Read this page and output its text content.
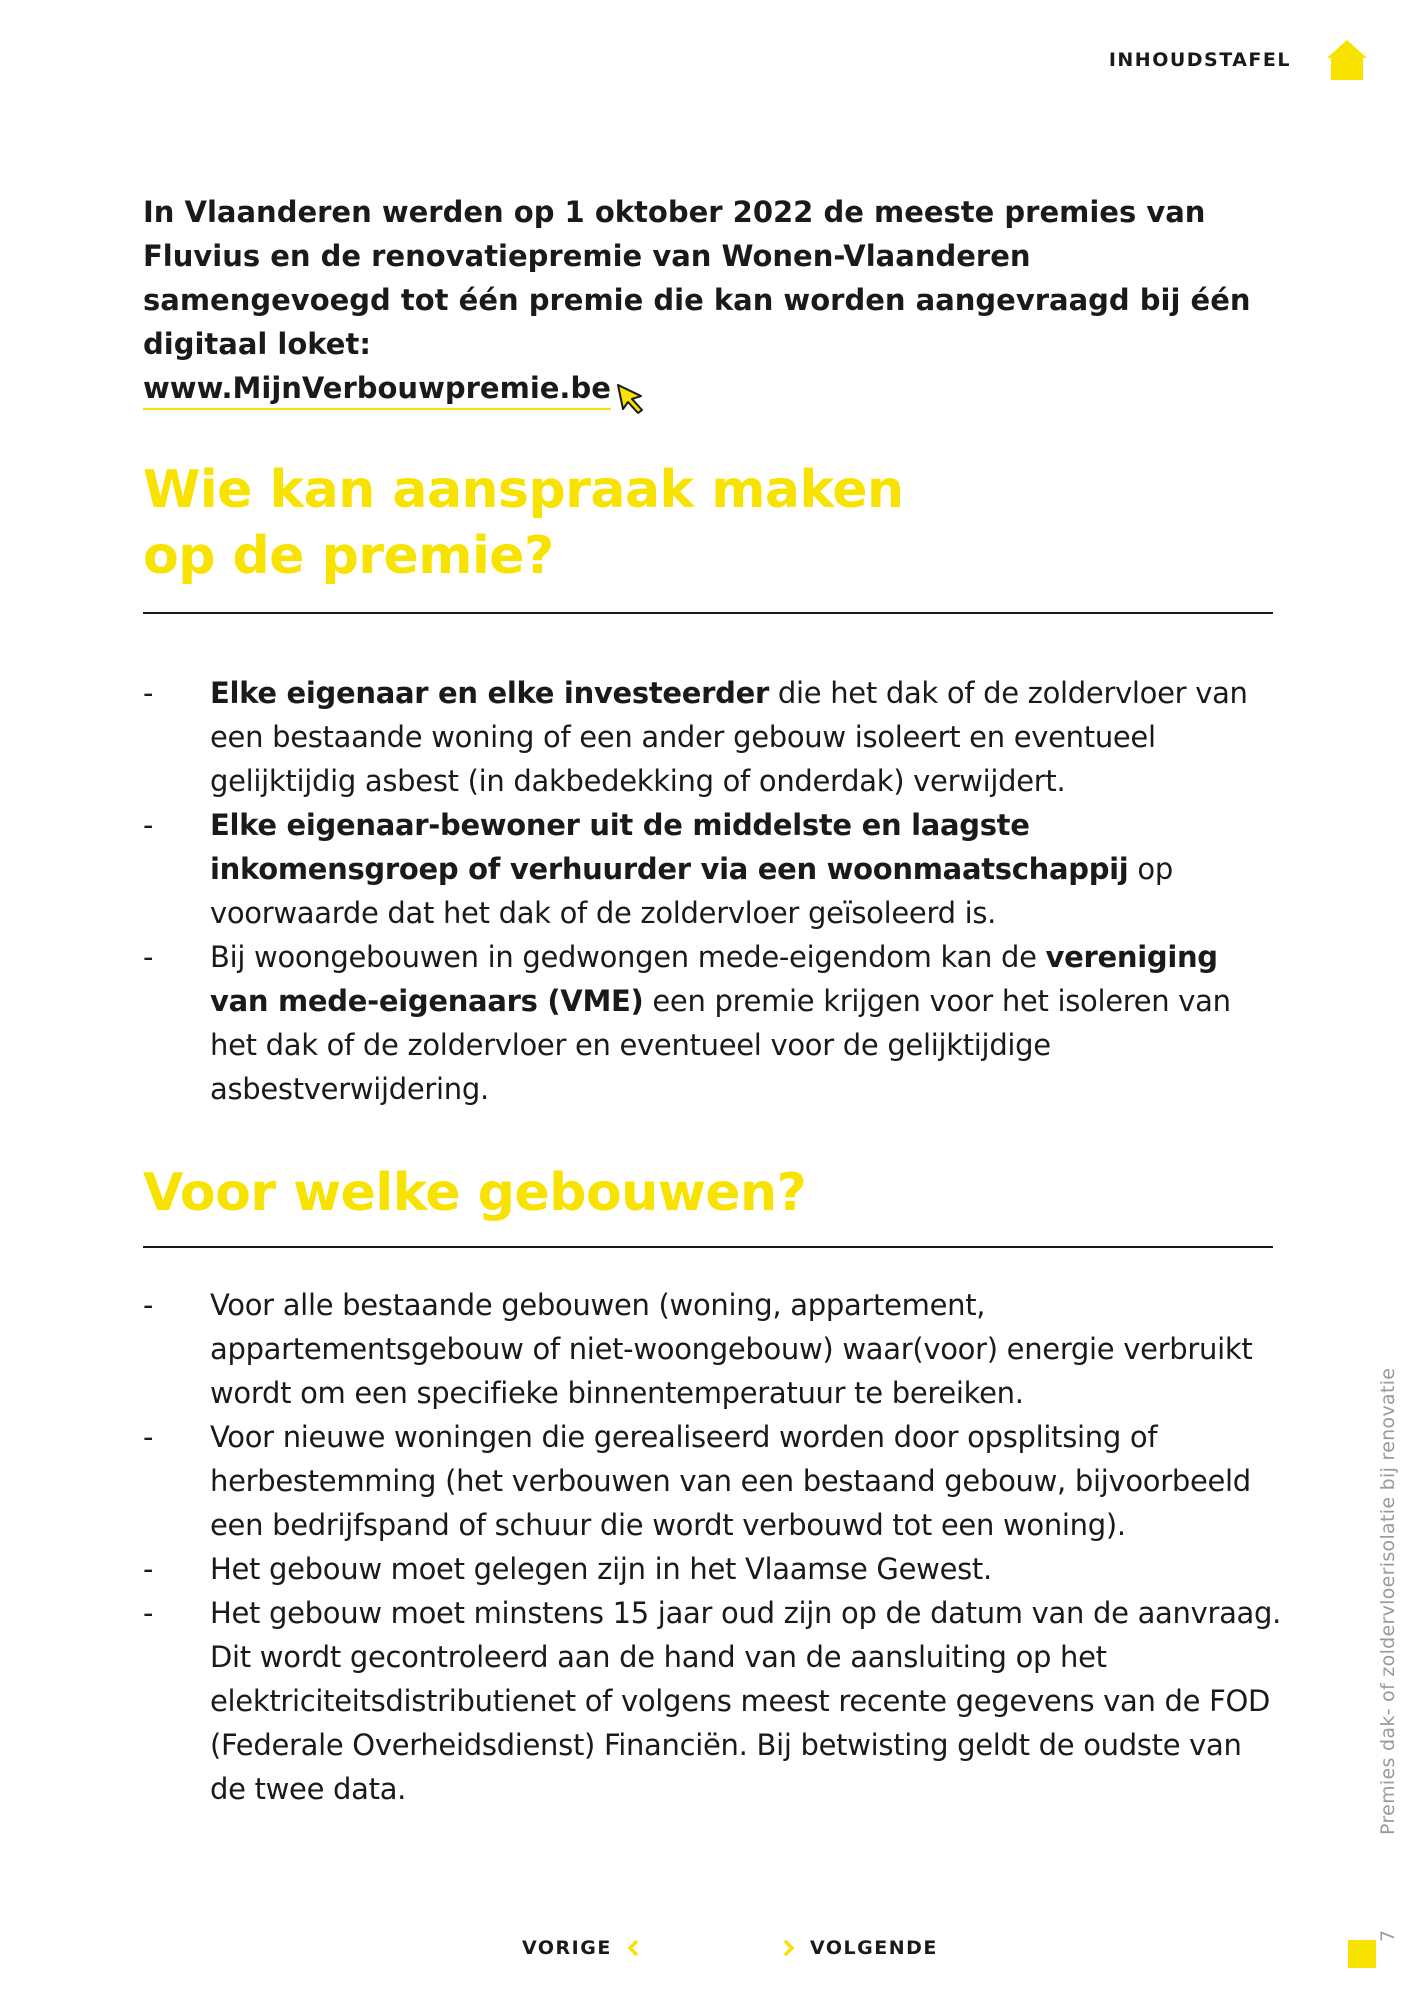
INHOUDSTAFEL
In Vlaanderen werden op 1 oktober 2022 de meeste premies van Fluvius en de renovatiepremie van Wonen-Vlaanderen samengevoegd tot één premie die kan worden aangevraagd bij één digitaal loket:

www.MijnVerbouwpremie.be
Wie kan aanspraak maken
op de premie?
- Elke eigenaar en elke investeerder die het dak of de zoldervloer van een bestaande woning of een ander gebouw isoleert en eventueel gelijktijdig asbest (in dakbedekking of onderdak) verwijdert.
- Elke eigenaar-bewoner uit de middelste en laagste inkomensgroep of verhuurder via een woonmaatschappij op voorwaarde dat het dak of de zoldervloer geïsoleerd is.
- Bij woongebouwen in gedwongen mede-eigendom kan de vereniging van mede-eigenaars (VME) een premie krijgen voor het isoleren van het dak of de zoldervloer en eventueel voor de gelijktijdige asbestverwijdering.
Voor welke gebouwen?
- Voor alle bestaande gebouwen (woning, appartement, appartementsgebouw of niet-woongebouw) waar(voor) energie verbruikt wordt om een specifieke binnentemperatuur te bereiken.
- Voor nieuwe woningen die gerealiseerd worden door opsplitsing of herbestemming (het verbouwen van een bestaand gebouw, bijvoorbeeld een bedrijfspand of schuur die wordt verbouwd tot een woning).
- Het gebouw moet gelegen zijn in het Vlaamse Gewest.
- Het gebouw moet minstens 15 jaar oud zijn op de datum van de aanvraag. Dit wordt gecontroleerd aan de hand van de aansluiting op het elektriciteitsdistributienet of volgens meest recente gegevens van de FOD (Federale Overheidsdienst) Financiën. Bij betwisting geldt de oudste van de twee data.	Premies dak- of zoldervloerisolatie bij renovatie
7
VORIGE	VOLGENDE
